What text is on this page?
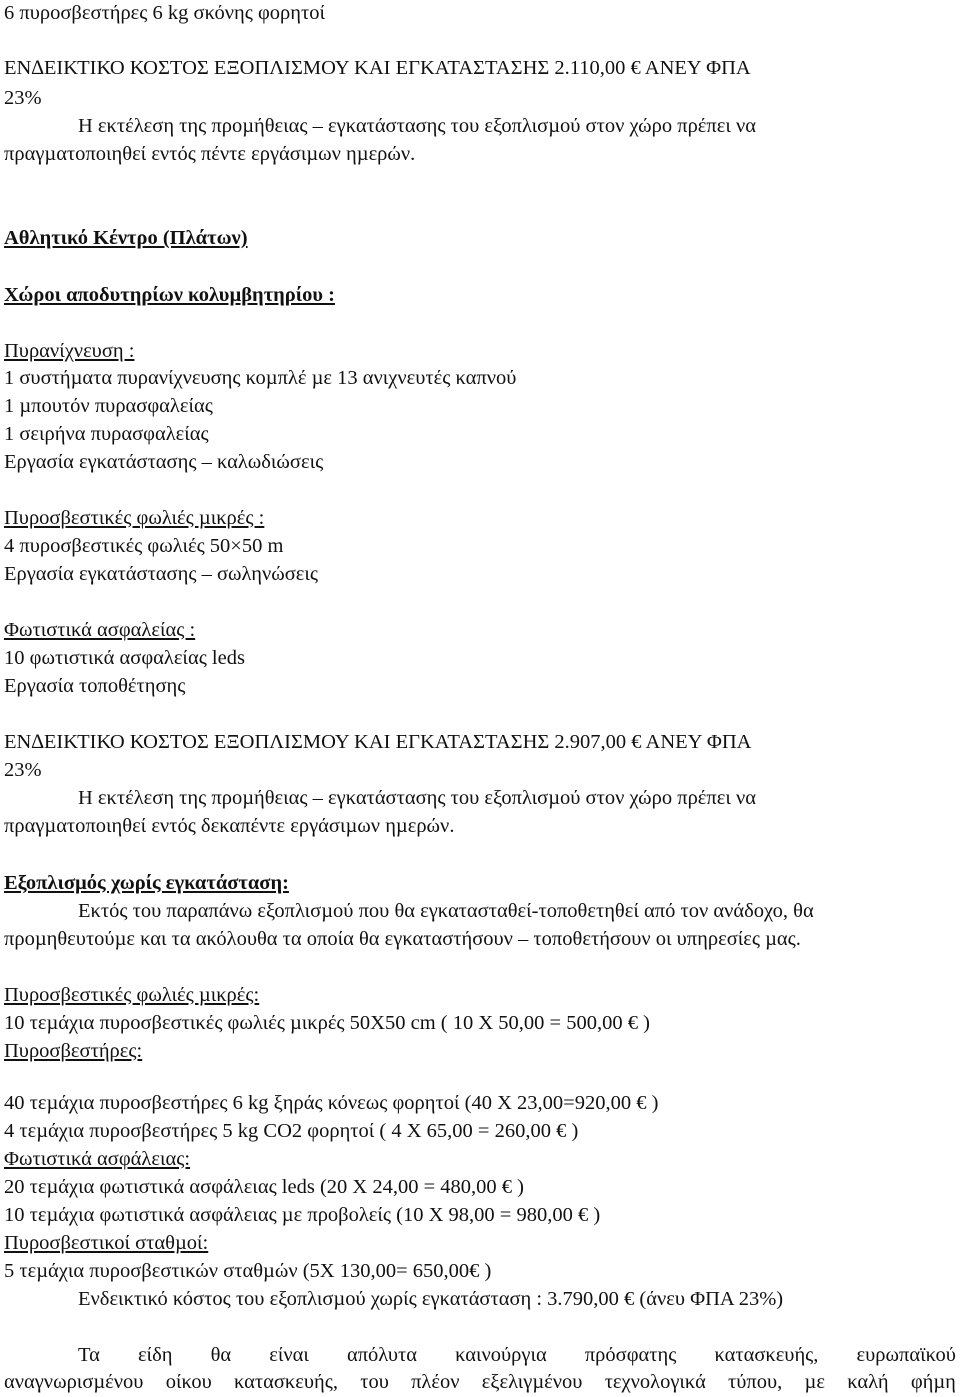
6 πυροσβεστήρες 6 kg σκόνης φορητοί
ΕΝ∆ΕΙΚΤΙΚΟ ΚΟΣΤΟΣ ΕΞΟΠΛΙΣΜΟΥ ΚΑΙ ΕΓΚΑΤΑΣΤΑΣΗΣ 2.110,00 € ΑΝΕΥ ΦΠΑ
23%
Η εκτέλεση της προµήθειας – εγκατάστασης του εξοπλισµού στον χώρο πρέπει να
πραγµατοποιηθεί εντός πέντε εργάσιµων ηµερών.
Αθλητικό Κέντρο (Πλάτων)
Χώροι αποδυτηρίων κολυµβητηρίου :
Πυρανίχνευση :
1 συστήµατα πυρανίχνευσης κοµπλέ µε 13 ανιχνευτές καπνού
1 µπουτόν πυρασφαλείας
1 σειρήνα πυρασφαλείας
Εργασία εγκατάστασης – καλωδιώσεις
Πυροσβεστικές φωλιές µικρές :
4 πυροσβεστικές φωλιές 50×50 m
Εργασία εγκατάστασης – σωληνώσεις
Φωτιστικά ασφαλείας :
10 φωτιστικά ασφαλείας leds
Εργασία τοποθέτησης
ΕΝ∆ΕΙΚΤΙΚΟ ΚΟΣΤΟΣ ΕΞΟΠΛΙΣΜΟΥ ΚΑΙ ΕΓΚΑΤΑΣΤΑΣΗΣ 2.907,00 € ΑΝΕΥ ΦΠΑ
23%
Η εκτέλεση της προµήθειας – εγκατάστασης του εξοπλισµού στον χώρο πρέπει να
πραγµατοποιηθεί εντός δεκαπέντε εργάσιµων ηµερών.
Εξοπλισµός χωρίς εγκατάσταση:
Εκτός του παραπάνω εξοπλισµού που θα εγκατασταθεί-τοποθετηθεί από τον ανάδοχο, θα
προµηθευτούµε και τα ακόλουθα τα οποία θα εγκαταστήσουν – τοποθετήσουν οι υπηρεσίες µας.
Πυροσβεστικές φωλιές µικρές:
10 τεµάχια πυροσβεστικές φωλιές µικρές 50Χ50 cm ( 10 Χ 50,00 = 500,00 € )
Πυροσβεστήρες:
40 τεµάχια πυροσβεστήρες 6 kg ξηράς κόνεως φορητοί (40 Χ 23,00=920,00 € )
4 τεµάχια πυροσβεστήρες 5 kg CO2 φορητοί ( 4 Χ 65,00 = 260,00 € )
Φωτιστικά ασφάλειας:
20 τεµάχια φωτιστικά ασφάλειας leds (20 Χ 24,00 = 480,00 € )
10 τεµάχια φωτιστικά ασφάλειας µε προβολείς (10 Χ 98,00 = 980,00 € )
Πυροσβεστικοί σταθµοί:
5 τεµάχια πυροσβεστικών σταθµών (5Χ 130,00= 650,00€ )
Ενδεικτικό κόστος του εξοπλισµού χωρίς εγκατάσταση : 3.790,00 € (άνευ ΦΠΑ 23%)
Τα είδη θα είναι απόλυτα καινούργια πρόσφατης κατασκευής, ευρωπαϊκού
αναγνωρισµένου οίκου κατασκευής, του πλέον εξελιγµένου τεχνολογικά τύπου, µε καλή φήµη
